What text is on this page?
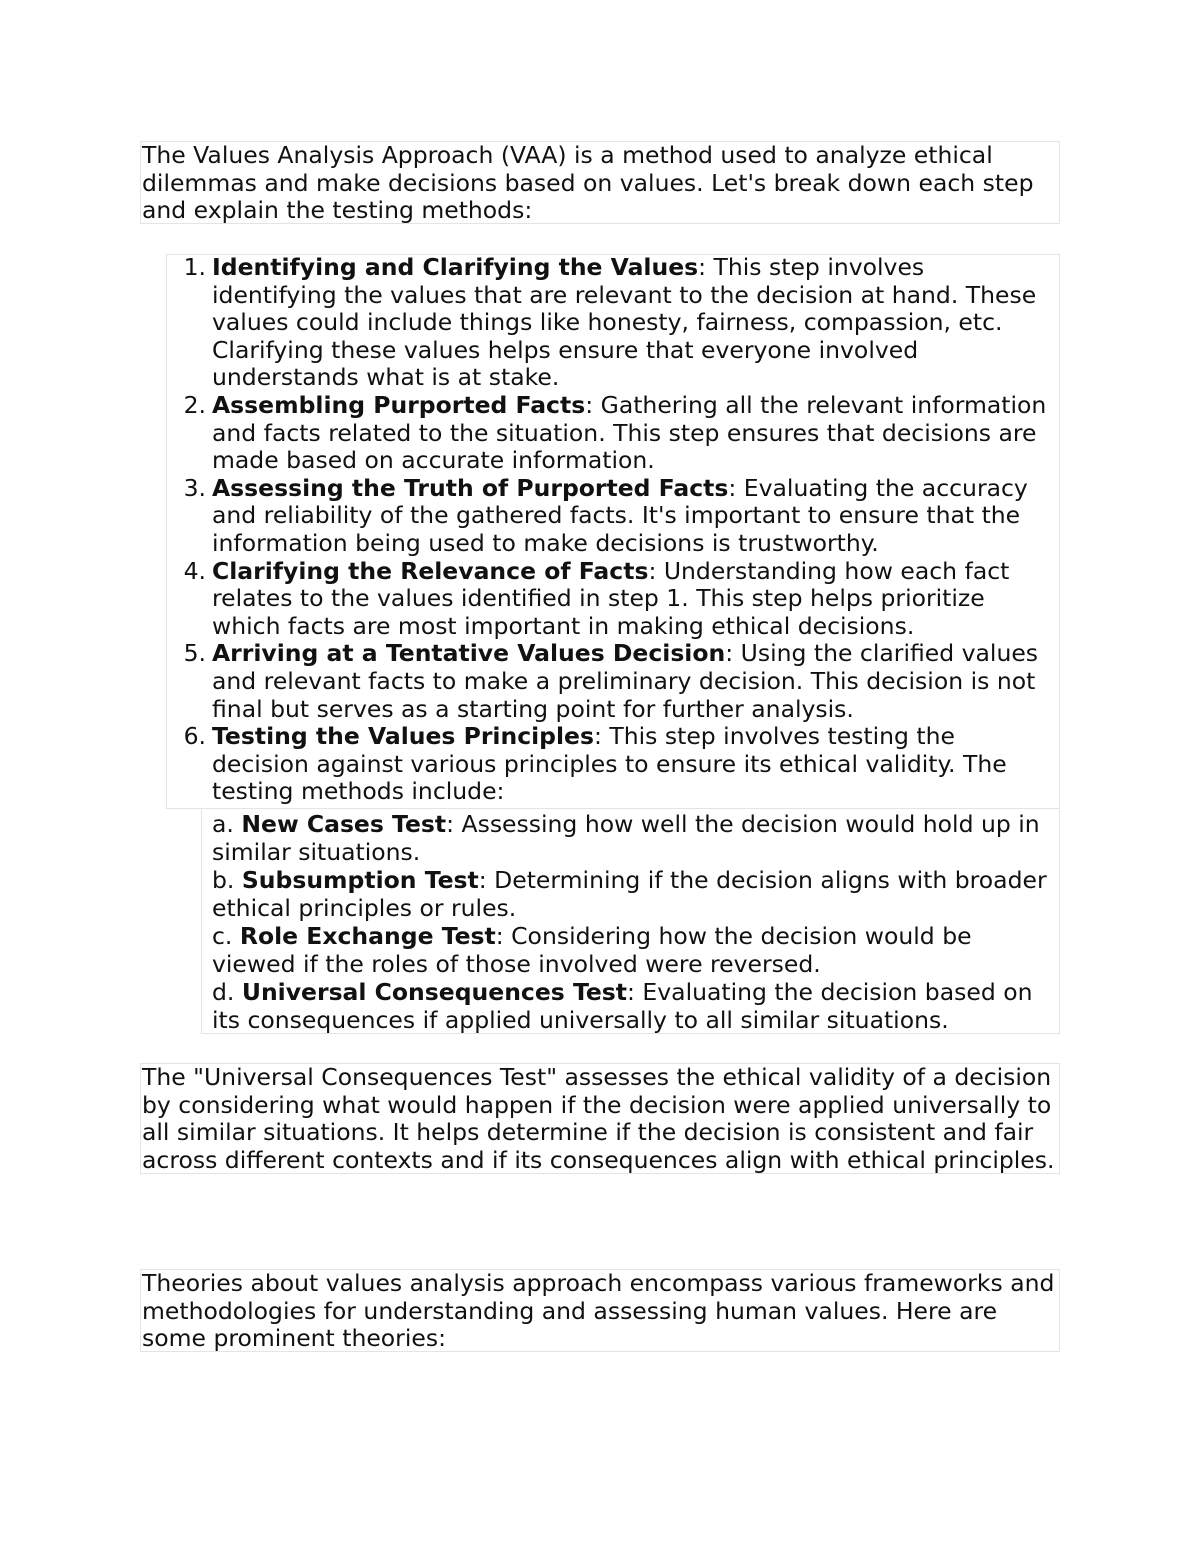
The Values Analysis Approach (VAA) is a method used to analyze ethical
dilemmas and make decisions based on values. Let's break down each step
and explain the testing methods:

1. Identifying and Clarifying the Values: This step involves
identifying the values that are relevant to the decision at hand. These
values could include things like honesty, fairness, compassion, etc.
Clarifying these values helps ensure that everyone involved
understands what is at stake.
2. Assembling Purported Facts: Gathering all the relevant information
and facts related to the situation. This step ensures that decisions are
made based on accurate information.
3. Assessing the Truth of Purported Facts: Evaluating the accuracy
and reliability of the gathered facts. It's important to ensure that the
information being used to make decisions is trustworthy.
4. Clarifying the Relevance of Facts: Understanding how each fact
relates to the values identified in step 1. This step helps prioritize
which facts are most important in making ethical decisions.
5. Arriving at a Tentative Values Decision: Using the clarified values
and relevant facts to make a preliminary decision. This decision is not
final but serves as a starting point for further analysis.
6. Testing the Values Principles: This step involves testing the
decision against various principles to ensure its ethical validity. The
testing methods include:
a. New Cases Test: Assessing how well the decision would hold up in
similar situations.
b. Subsumption Test: Determining if the decision aligns with broader
ethical principles or rules.
c. Role Exchange Test: Considering how the decision would be
viewed if the roles of those involved were reversed.
d. Universal Consequences Test: Evaluating the decision based on
its consequences if applied universally to all similar situations.

The "Universal Consequences Test" assesses the ethical validity of a decision
by considering what would happen if the decision were applied universally to
all similar situations. It helps determine if the decision is consistent and fair
across different contexts and if its consequences align with ethical principles.

Theories about values analysis approach encompass various frameworks and
methodologies for understanding and assessing human values. Here are
some prominent theories:
